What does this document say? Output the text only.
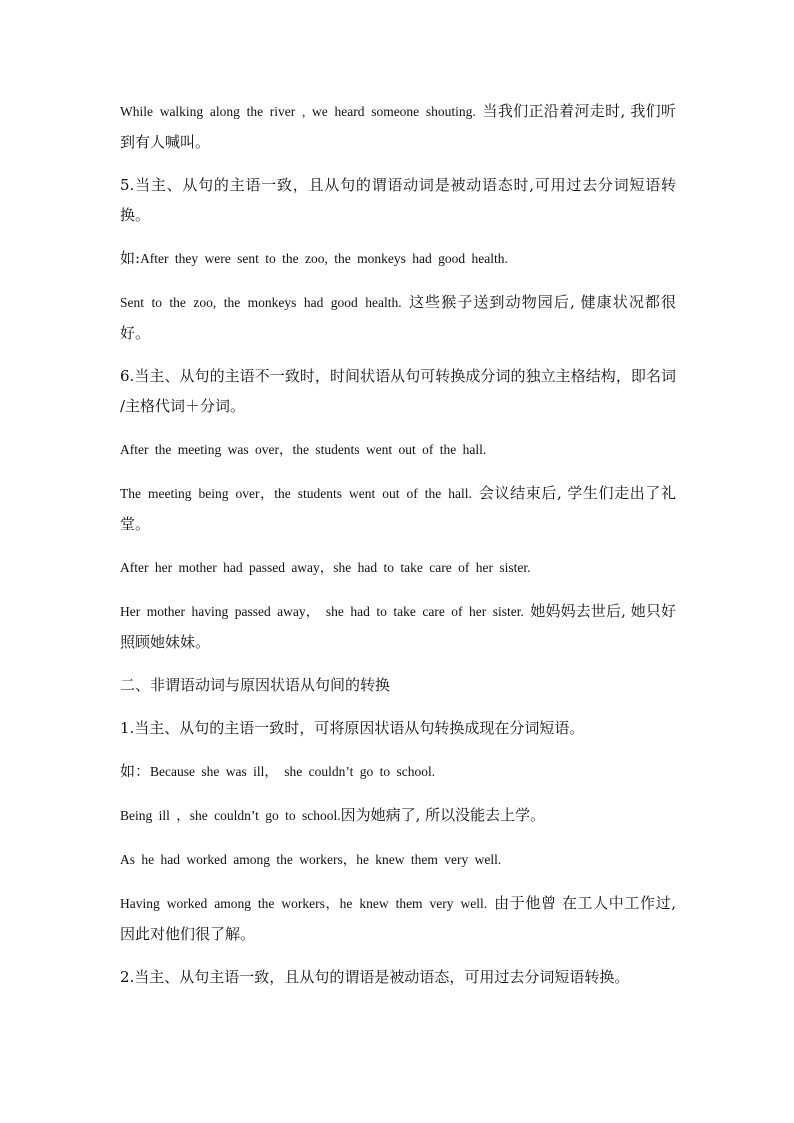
While walking along the river , we heard someone shouting. 当我们正沿着河走时, 我们听到有人喊叫。

5.当主、从句的主语一致，且从句的谓语动词是被动语态时,可用过去分词短语转换。

如:After they were sent to the zoo, the monkeys had good health.

Sent to the zoo, the monkeys had good health. 这些猴子送到动物园后, 健康状况都很好。

6.当主、从句的主语不一致时，时间状语从句可转换成分词的独立主格结构，即名词 /主格代词＋分词。

After the meeting was over，the students went out of the hall.

The meeting being over，the students went out of the hall. 会议结束后, 学生们走出了礼堂。

After her mother had passed away，she had to take care of her sister.

Her mother having passed away， she had to take care of her sister. 她妈妈去世后, 她只好照顾她妹妹。

二、非谓语动词与原因状语从句间的转换

1.当主、从句的主语一致时，可将原因状语从句转换成现在分词短语。

如：Because she was ill， she couldn’t go to school.

Being ill ，she couldn’t go to school.因为她病了, 所以没能去上学。

As he had worked among the workers，he knew them very well.

Having worked among the workers，he knew them very well. 由于他曾 在工人中工作过, 因此对他们很了解。

2.当主、从句主语一致，且从句的谓语是被动语态，可用过去分词短语转换。
